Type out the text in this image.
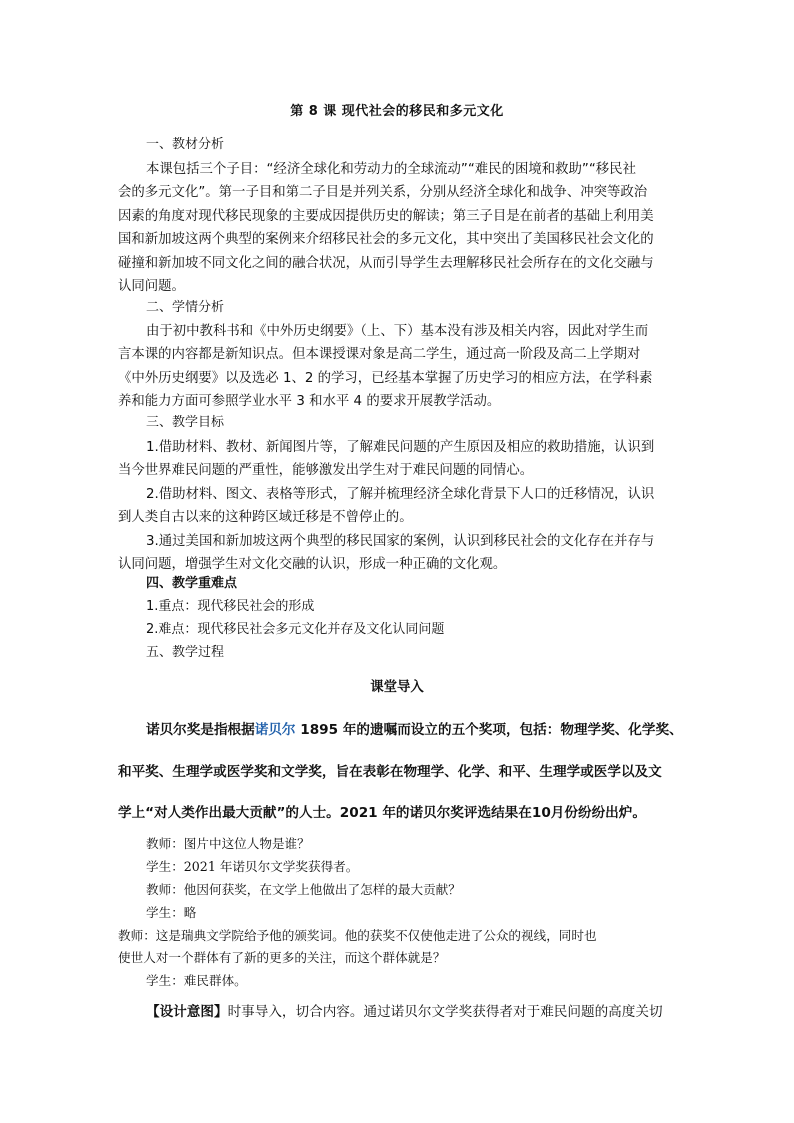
第 8 课 现代社会的移民和多元文化
一、教材分析
本课包括三个子目：“经济全球化和劳动力的全球流动”“难民的困境和救助”“移民社
会的多元文化”。第一子目和第二子目是并列关系，分别从经济全球化和战争、冲突等政治
因素的角度对现代移民现象的主要成因提供历史的解读；第三子目是在前者的基础上利用美
国和新加坡这两个典型的案例来介绍移民社会的多元文化，其中突出了美国移民社会文化的
碰撞和新加坡不同文化之间的融合状况，从而引导学生去理解移民社会所存在的文化交融与
认同问题。
二、学情分析
由于初中教科书和《中外历史纲要》（上、下）基本没有涉及相关内容，因此对学生而
言本课的内容都是新知识点。但本课授课对象是高二学生，通过高一阶段及高二上学期对
《中外历史纲要》以及选必 1、2 的学习，已经基本掌握了历史学习的相应方法，在学科素
养和能力方面可参照学业水平 3 和水平 4 的要求开展教学活动。
三、教学目标
1.借助材料、教材、新闻图片等，了解难民问题的产生原因及相应的救助措施，认识到
当今世界难民问题的严重性，能够激发出学生对于难民问题的同情心。
2.借助材料、图文、表格等形式，了解并梳理经济全球化背景下人口的迁移情况，认识
到人类自古以来的这种跨区域迁移是不曾停止的。
3.通过美国和新加坡这两个典型的移民国家的案例，认识到移民社会的文化存在并存与
认同问题，增强学生对文化交融的认识，形成一种正确的文化观。
四、教学重难点
1.重点：现代移民社会的形成
2.难点：现代移民社会多元文化并存及文化认同问题
五、教学过程
课堂导入
诺贝尔奖是指根据诺贝尔 1895 年的遗嘱而设立的五个奖项，包括：物理学奖、化学奖、
和平奖、生理学或医学奖和文学奖，旨在表彰在物理学、化学、和平、生理学或医学以及文
学上“对人类作出最大贡献”的人士。2021 年的诺贝尔奖评选结果在10月份纷纷出炉。
教师：图片中这位人物是谁？
学生：2021 年诺贝尔文学奖获得者。
教师：他因何获奖，在文学上他做出了怎样的最大贡献？
学生：略
教师：这是瑞典文学院给予他的颁奖词。他的获奖不仅使他走进了公众的视线，同时也
使世人对一个群体有了新的更多的关注，而这个群体就是？
学生：难民群体。
【设计意图】时事导入，切合内容。通过诺贝尔文学奖获得者对于难民问题的高度关切
